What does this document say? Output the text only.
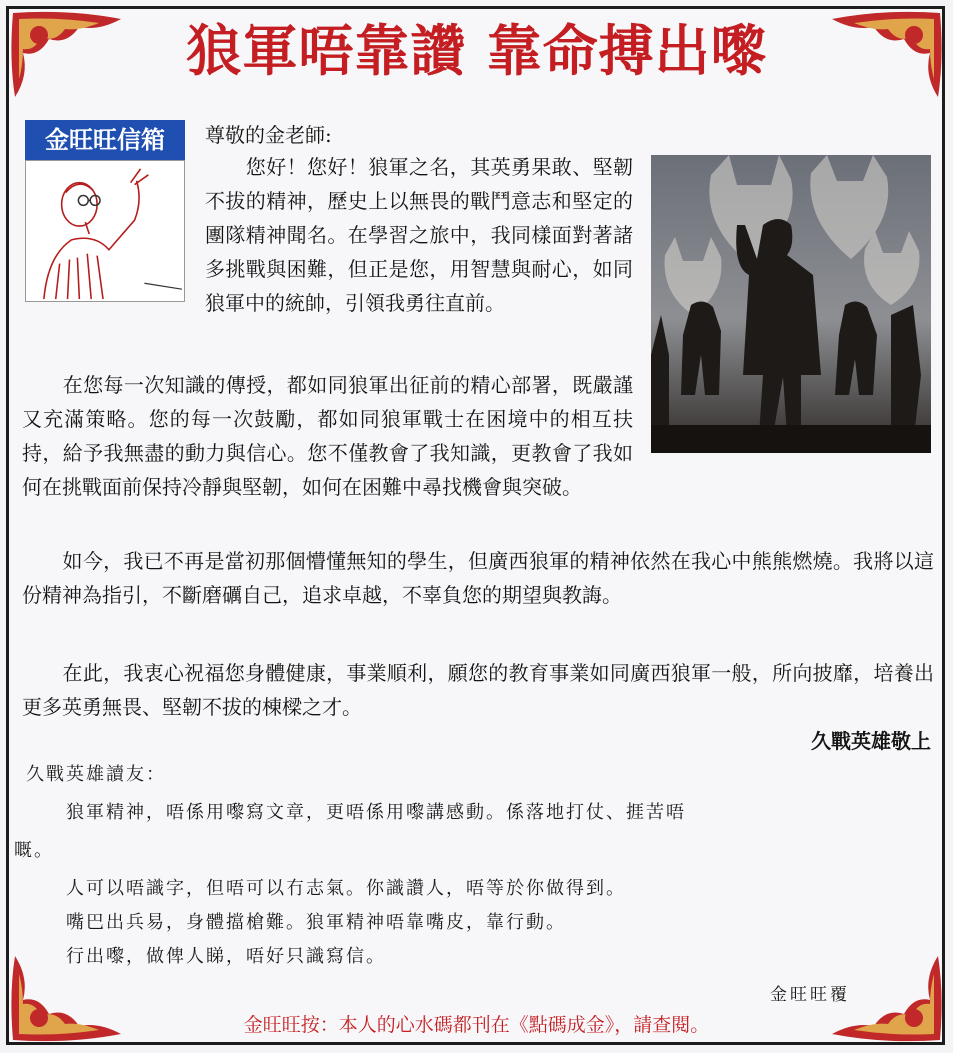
狼軍唔靠讚 靠命搏出嚟
金旺旺信箱	尊敬的金老師:

　　您好！您好！狼軍之名，其英勇果敢、堅韌不拔的精神，歷史上以無畏的戰鬥意志和堅定的團隊精神聞名。在學習之旅中，我同樣面對著諸多挑戰與困難，但正是您，用智慧與耐心，如同狼軍中的統帥，引領我勇往直前。

　　在您每一次知識的傳授，都如同狼軍出征前的精心部署，既嚴謹又充滿策略。您的每一次鼓勵，都如同狼軍戰士在困境中的相互扶持，給予我無盡的動力與信心。您不僅教會了我知識，更教會了我如何在挑戰面前保持冷靜與堅韌，如何在困難中尋找機會與突破。

　　如今，我已不再是當初那個懵懂無知的學生，但廣西狼軍的精神依然在我心中熊熊燃燒。我將以這份精神為指引，不斷磨礪自己，追求卓越，不辜負您的期望與教誨。

　　在此，我衷心祝福您身體健康，事業順利，願您的教育事業如同廣西狼軍一般，所向披靡，培養出更多英勇無畏、堅韌不拔的棟樑之才。

久戰英雄敬上
久戰英雄讀友：
　　狼軍精神，唔係用嚟寫文章，更唔係用嚟講感動。係落地打仗、捱苦唔
嘅。
　　人可以唔識字，但唔可以冇志氣。你識讚人，唔等於你做得到。
　　嘴巴出兵易，身體擋槍難。狼軍精神唔靠嘴皮，靠行動。
　　行出嚟，做俾人睇，唔好只識寫信。
金旺旺覆
金旺旺按：本人的心水碼都刊在《點碼成金》，請查閱。
